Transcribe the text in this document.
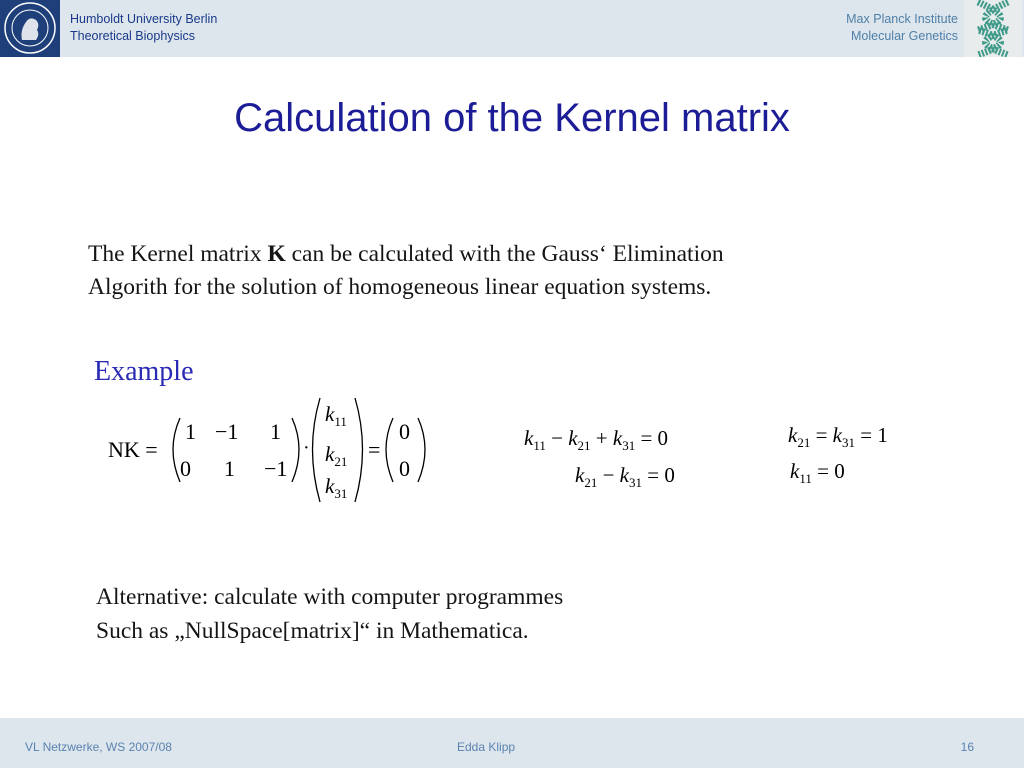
Humboldt University Berlin
Theoretical Biophysics
Max Planck Institute
Molecular Genetics
Calculation of the Kernel matrix
The Kernel matrix K can be calculated with the Gauss‘ Elimination
Algorith for the solution of homogeneous linear equation systems.
Example
NK =
1 −1 1
0 1 −1
·
$k_{11}$
$k_{21}$
$k_{31}$
=
0
0
$k_{11} - k_{21} + k_{31} = 0$
$k_{21} - k_{31} = 0$
$k_{21} = k_{31} = 1$
$k_{11} = 0$
Alternative: calculate with computer programmes
Such as „NullSpace[matrix]“ in Mathematica.
VL Netzwerke, WS 2007/08	Edda Klipp	16
